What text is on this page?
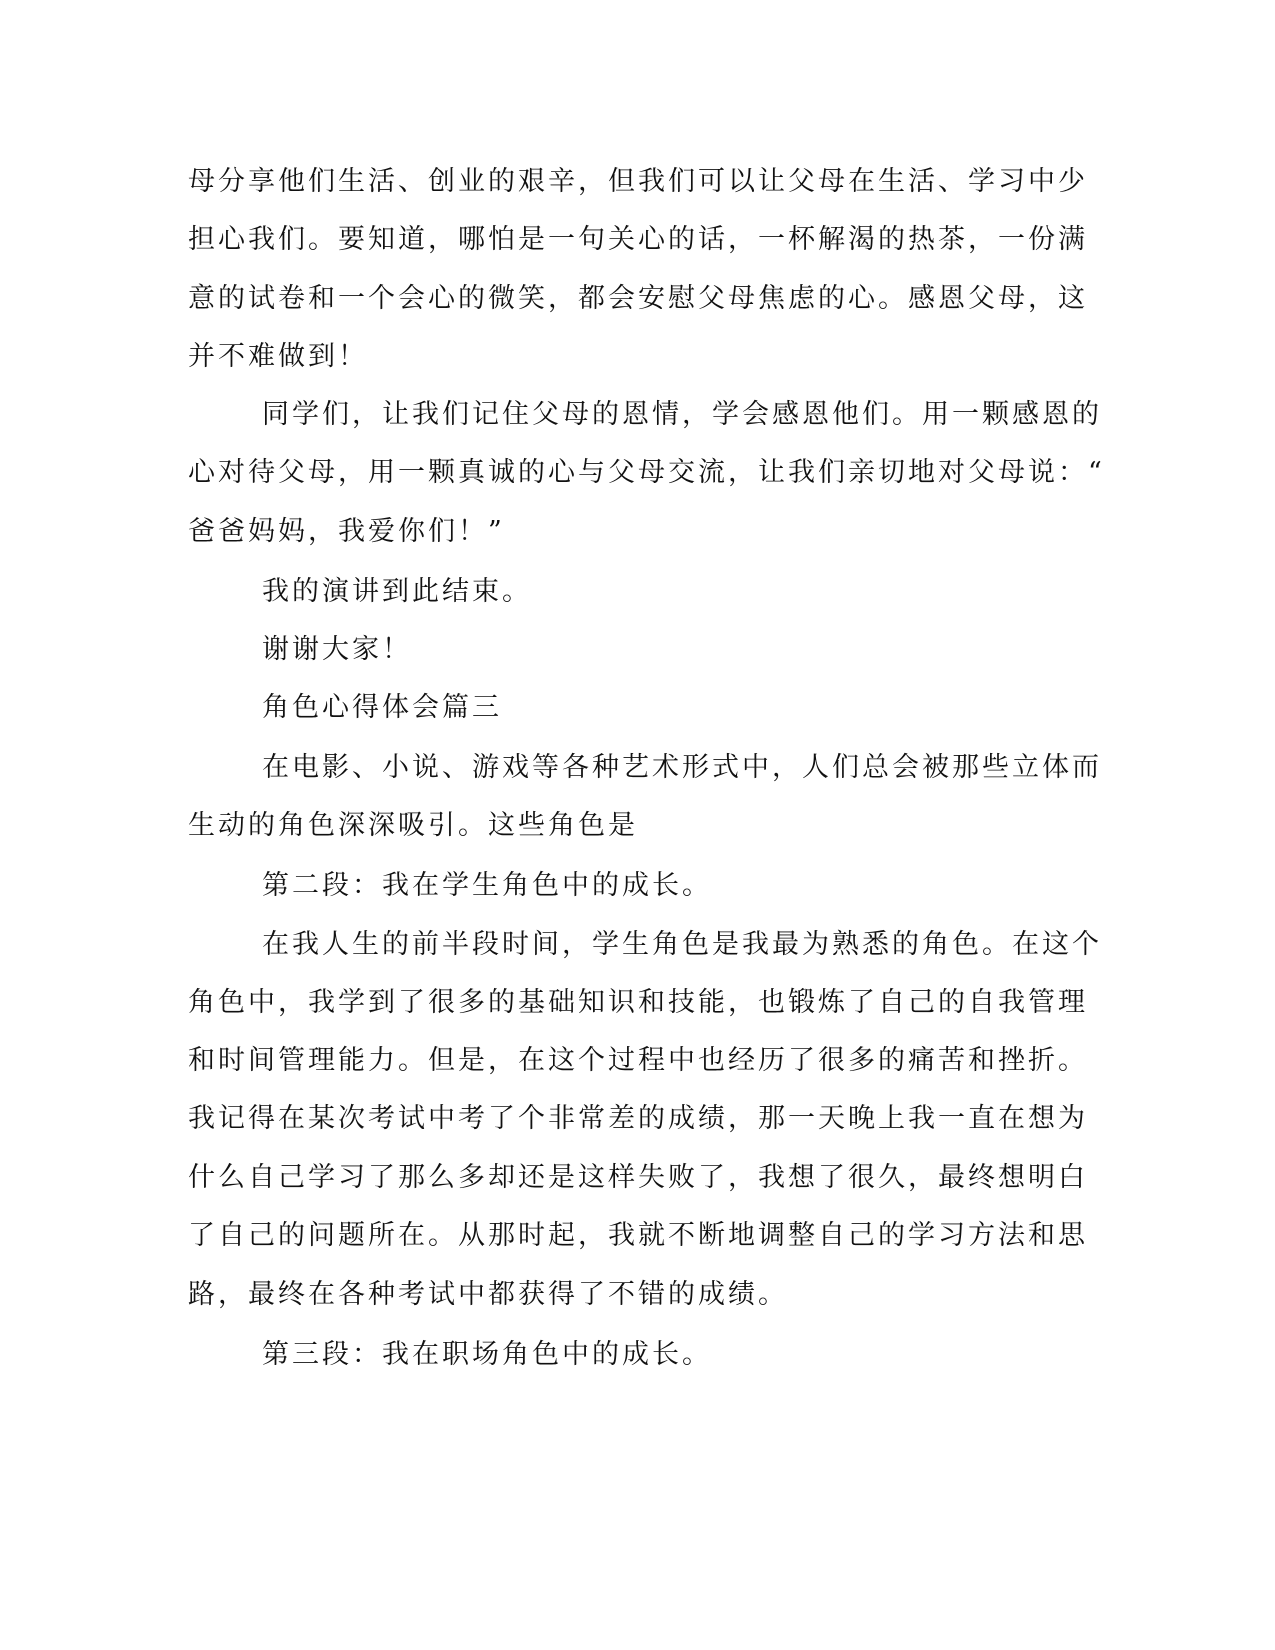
母分享他们生活、创业的艰辛，但我们可以让父母在生活、学习中少
担心我们。要知道，哪怕是一句关心的话，一杯解渴的热茶，一份满
意的试卷和一个会心的微笑，都会安慰父母焦虑的心。感恩父母，这
并不难做到！
同学们，让我们记住父母的恩情，学会感恩他们。用一颗感恩的
心对待父母，用一颗真诚的心与父母交流，让我们亲切地对父母说：“
爸爸妈妈，我爱你们！”
我的演讲到此结束。
谢谢大家！
角色心得体会篇三
在电影、小说、游戏等各种艺术形式中，人们总会被那些立体而
生动的角色深深吸引。这些角色是
第二段：我在学生角色中的成长。
在我人生的前半段时间，学生角色是我最为熟悉的角色。在这个
角色中，我学到了很多的基础知识和技能，也锻炼了自己的自我管理
和时间管理能力。但是，在这个过程中也经历了很多的痛苦和挫折。
我记得在某次考试中考了个非常差的成绩，那一天晚上我一直在想为
什么自己学习了那么多却还是这样失败了，我想了很久，最终想明白
了自己的问题所在。从那时起，我就不断地调整自己的学习方法和思
路，最终在各种考试中都获得了不错的成绩。
第三段：我在职场角色中的成长。
